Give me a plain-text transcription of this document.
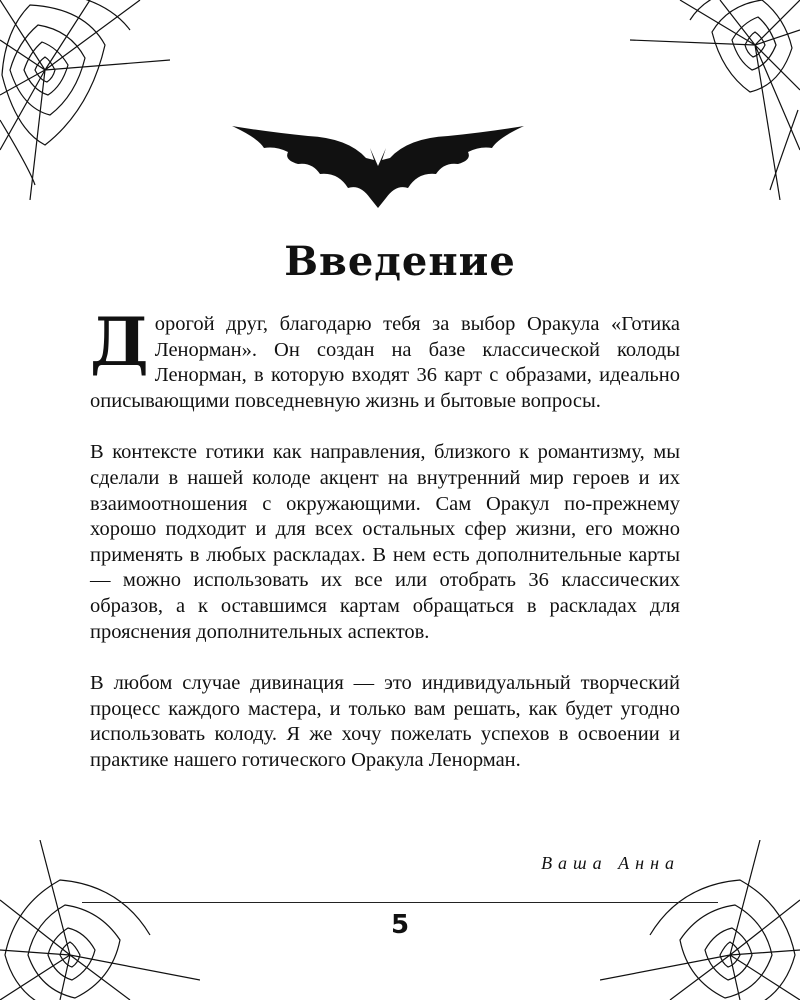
Введение

Дорогой друг, благодарю тебя за выбор Оракула «Готика Ленорман». Он создан на базе классической колоды Ленорман, в которую входят 36 карт с образами, идеально описывающими повседневную жизнь и бытовые вопросы.

В контексте готики как направления, близкого к романтизму, мы сделали в нашей колоде акцент на внутренний мир героев и их взаимоотношения с окружающими. Сам Оракул по-прежнему хорошо подходит и для всех остальных сфер жизни, его можно применять в любых раскладах. В нем есть дополнительные карты — можно использовать их все или отобрать 36 классических образов, а к оставшимся картам обращаться в раскладах для прояснения дополнительных аспектов.

В любом случае дивинация — это индивидуальный творческий процесс каждого мастера, и только вам решать, как будет угодно использовать колоду. Я же хочу пожелать успехов в освоении и практике нашего готического Оракула Ленорман.

Ваша Анна
5
